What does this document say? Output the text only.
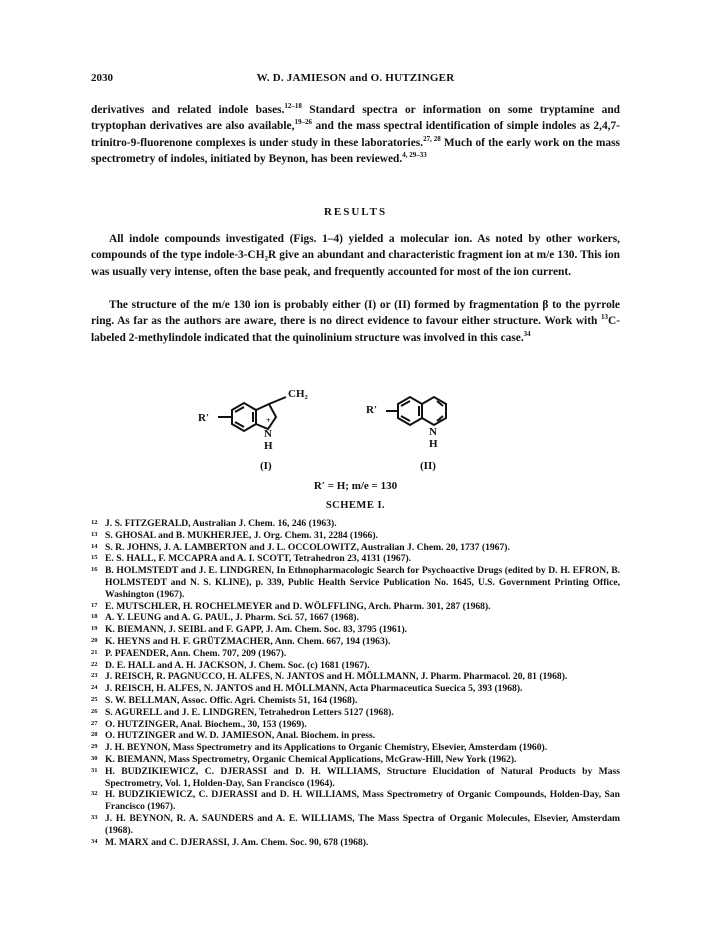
2030	W. D. JAMIESON and O. HUTZINGER
derivatives and related indole bases.$^{12-18}$ Standard spectra or information on some tryptamine and tryptophan derivatives are also available,$^{19-26}$ and the mass spectral identification of simple indoles as 2,4,7-trinitro-9-fluorenone complexes is under study in these laboratories.$^{27, 28}$ Much of the early work on the mass spectrometry of indoles, initiated by Beynon, has been reviewed.$^{4, 29-33}$
RESULTS
All indole compounds investigated (Figs. 1–4) yielded a molecular ion. As noted by other workers, compounds of the type indole-3-CH₂R give an abundant and characteristic fragment ion at m/e 130. This ion was usually very intense, often the base peak, and frequently accounted for most of the ion current.
The structure of the m/e 130 ion is probably either (I) or (II) formed by fragmentation β to the pyrrole ring. As far as the authors are aware, there is no direct evidence to favour either structure. Work with $^{13}$C-labeled 2-methylindole indicated that the quinolinium structure was involved in this case.$^{34}$
R′
CH₂
+
N
H
R′
+
N
H
(I)	(II)
R′ = H; m/e = 130
SCHEME I.
12 J. S. FITZGERALD, Australian J. Chem. 16, 246 (1963).
13 S. GHOSAL and B. MUKHERJEE, J. Org. Chem. 31, 2284 (1966).
14 S. R. JOHNS, J. A. LAMBERTON and J. L. OCCOLOWITZ, Australian J. Chem. 20, 1737 (1967).
15 E. S. HALL, F. MCCAPRA and A. I. SCOTT, Tetrahedron 23, 4131 (1967).
16 B. HOLMSTEDT and J. E. LINDGREN, In Ethnopharmacologic Search for Psychoactive Drugs (edited by D. H. EFRON, B. HOLMSTEDT and N. S. KLINE), p. 339, Public Health Service Publication No. 1645, U.S. Government Printing Office, Washington (1967).
17 E. MUTSCHLER, H. ROCHELMEYER and D. WÖLFFLING, Arch. Pharm. 301, 287 (1968).
18 A. Y. LEUNG and A. G. PAUL, J. Pharm. Sci. 57, 1667 (1968).
19 K. BIEMANN, J. SEIBL and F. GAPP, J. Am. Chem. Soc. 83, 3795 (1961).
20 K. HEYNS and H. F. GRÜTZMACHER, Ann. Chem. 667, 194 (1963).
21 P. PFAENDER, Ann. Chem. 707, 209 (1967).
22 D. E. HALL and A. H. JACKSON, J. Chem. Soc. (c) 1681 (1967).
23 J. REISCH, R. PAGNUCCO, H. ALFES, N. JANTOS and H. MÖLLMANN, J. Pharm. Pharmacol. 20, 81 (1968).
24 J. REISCH, H. ALFES, N. JANTOS and H. MÖLLMANN, Acta Pharmaceutica Suecica 5, 393 (1968).
25 S. W. BELLMAN, Assoc. Offic. Agri. Chemists 51, 164 (1968).
26 S. AGURELL and J. E. LINDGREN, Tetrahedron Letters 5127 (1968).
27 O. HUTZINGER, Anal. Biochem., 30, 153 (1969).
28 O. HUTZINGER and W. D. JAMIESON, Anal. Biochem. in press.
29 J. H. BEYNON, Mass Spectrometry and its Applications to Organic Chemistry, Elsevier, Amsterdam (1960).
30 K. BIEMANN, Mass Spectrometry, Organic Chemical Applications, McGraw-Hill, New York (1962).
31 H. BUDZIKIEWICZ, C. DJERASSI and D. H. WILLIAMS, Structure Elucidation of Natural Products by Mass Spectrometry, Vol. 1, Holden-Day, San Francisco (1964).
32 H. BUDZIKIEWICZ, C. DJERASSI and D. H. WILLIAMS, Mass Spectrometry of Organic Compounds, Holden-Day, San Francisco (1967).
33 J. H. BEYNON, R. A. SAUNDERS and A. E. WILLIAMS, The Mass Spectra of Organic Molecules, Elsevier, Amsterdam (1968).
34 M. MARX and C. DJERASSI, J. Am. Chem. Soc. 90, 678 (1968).
